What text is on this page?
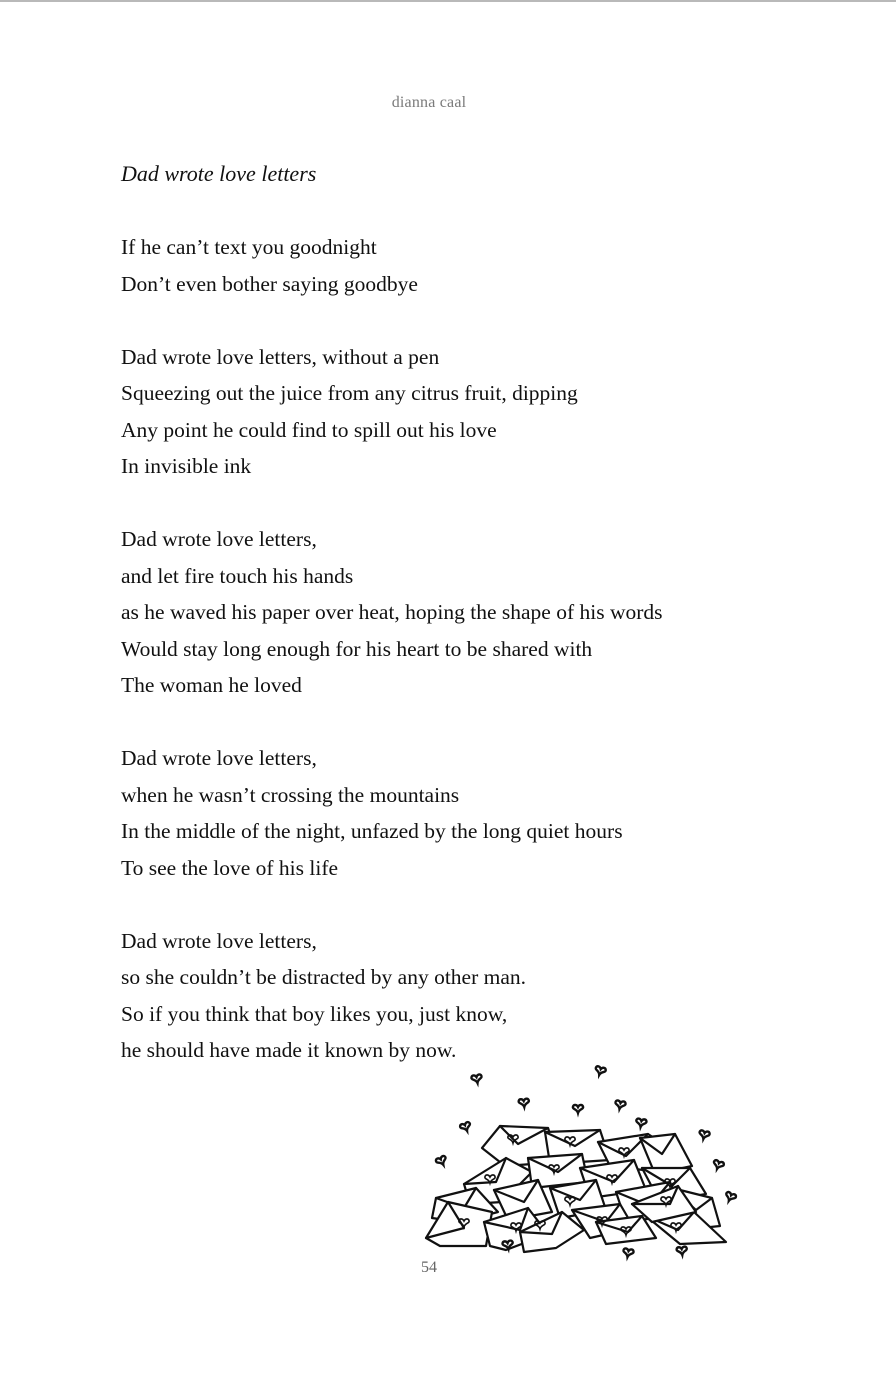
dianna caal
Dad wrote love letters
If he can’t text you goodnight
Don’t even bother saying goodbye
Dad wrote love letters, without a pen
Squeezing out the juice from any citrus fruit, dipping
Any point he could find to spill out his love
In invisible ink
Dad wrote love letters,
and let fire touch his hands
as he waved his paper over heat, hoping the shape of his words
Would stay long enough for his heart to be shared with
The woman he loved
Dad wrote love letters,
when he wasn’t crossing the mountains
In the middle of the night, unfazed by the long quiet hours
To see the love of his life
Dad wrote love letters,
so she couldn’t be distracted by any other man.
So if you think that boy likes you, just know,
he should have made it known by now.
54
